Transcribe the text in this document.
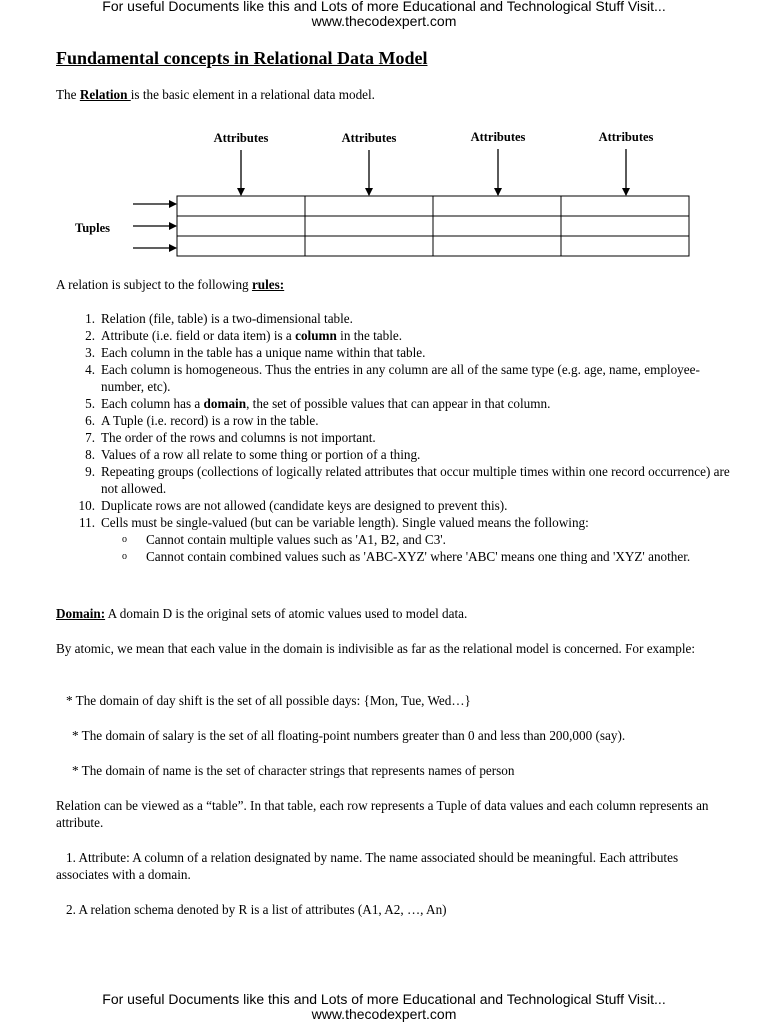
For useful Documents like this and Lots of more Educational and Technological Stuff Visit...
www.thecodexpert.com
Fundamental concepts in Relational Data Model

The Relation is the basic element in a relational data model.

Attributes	Attributes	Attributes	Attributes
Tuples

A relation is subject to the following rules:

1. Relation (file, table) is a two-dimensional table.
2. Attribute (i.e. field or data item) is a column in the table.
3. Each column in the table has a unique name within that table.
4. Each column is homogeneous. Thus the entries in any column are all of the same type (e.g. age, name, employee-number, etc).
5. Each column has a domain, the set of possible values that can appear in that column.
6. A Tuple (i.e. record) is a row in the table.
7. The order of the rows and columns is not important.
8. Values of a row all relate to some thing or portion of a thing.
9. Repeating groups (collections of logically related attributes that occur multiple times within one record occurrence) are not allowed.
10. Duplicate rows are not allowed (candidate keys are designed to prevent this).
11. Cells must be single-valued (but can be variable length). Single valued means the following:
o Cannot contain multiple values such as 'A1, B2, and C3'.
o Cannot contain combined values such as 'ABC-XYZ' where 'ABC' means one thing and 'XYZ' another.

Domain: A domain D is the original sets of atomic values used to model data.

By atomic, we mean that each value in the domain is indivisible as far as the relational model is concerned. For example:

* The domain of day shift is the set of all possible days: {Mon, Tue, Wed…}

* The domain of salary is the set of all floating-point numbers greater than 0 and less than 200,000 (say).

* The domain of name is the set of character strings that represents names of person

Relation can be viewed as a “table”. In that table, each row represents a Tuple of data values and each column represents an attribute.

1. Attribute: A column of a relation designated by name. The name associated should be meaningful. Each attributes associates with a domain.

2. A relation schema denoted by R is a list of attributes (A1, A2, …, An)

For useful Documents like this and Lots of more Educational and Technological Stuff Visit...
www.thecodexpert.com
